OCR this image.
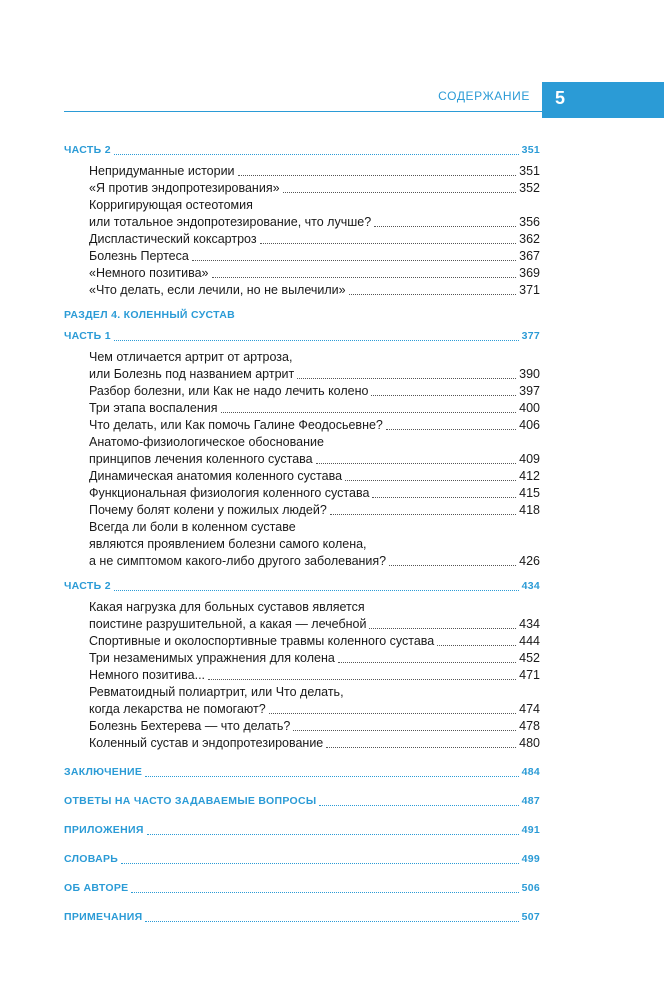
СОДЕРЖАНИЕ 5
ЧАСТЬ 2	351
Непридуманные истории	351
«Я против эндопротезирования»	352
Корригирующая остеотомия
или тотальное эндопротезирование, что лучше?	356
Диспластический коксартроз	362
Болезнь Пертеса	367
«Немного позитива»	369
«Что делать, если лечили, но не вылечили»	371
РАЗДЕЛ 4. КОЛЕННЫЙ СУСТАВ
ЧАСТЬ 1	377
Чем отличается артрит от артроза,
или Болезнь под названием артрит	390
Разбор болезни, или Как не надо лечить колено	397
Три этапа воспаления	400
Что делать, или Как помочь Галине Феодосьевне?	406
Анатомо-физиологическое обоснование
принципов лечения коленного сустава	409
Динамическая анатомия коленного сустава	412
Функциональная физиология коленного сустава	415
Почему болят колени у пожилых людей?	418
Всегда ли боли в коленном суставе
являются проявлением болезни самого колена,
а не симптомом какого-либо другого заболевания?	426
ЧАСТЬ 2	434
Какая нагрузка для больных суставов является
поистине разрушительной, а какая — лечебной	434
Спортивные и околоспортивные травмы коленного сустава	444
Три незаменимых упражнения для колена	452
Немного позитива...	471
Ревматоидный полиартрит, или Что делать,
когда лекарства не помогают?	474
Болезнь Бехтерева — что делать?	478
Коленный сустав и эндопротезирование	480
ЗАКЛЮЧЕНИЕ	484
ОТВЕТЫ НА ЧАСТО ЗАДАВАЕМЫЕ ВОПРОСЫ	487
ПРИЛОЖЕНИЯ	491
СЛОВАРЬ	499
ОБ АВТОРЕ	506
ПРИМЕЧАНИЯ	507
